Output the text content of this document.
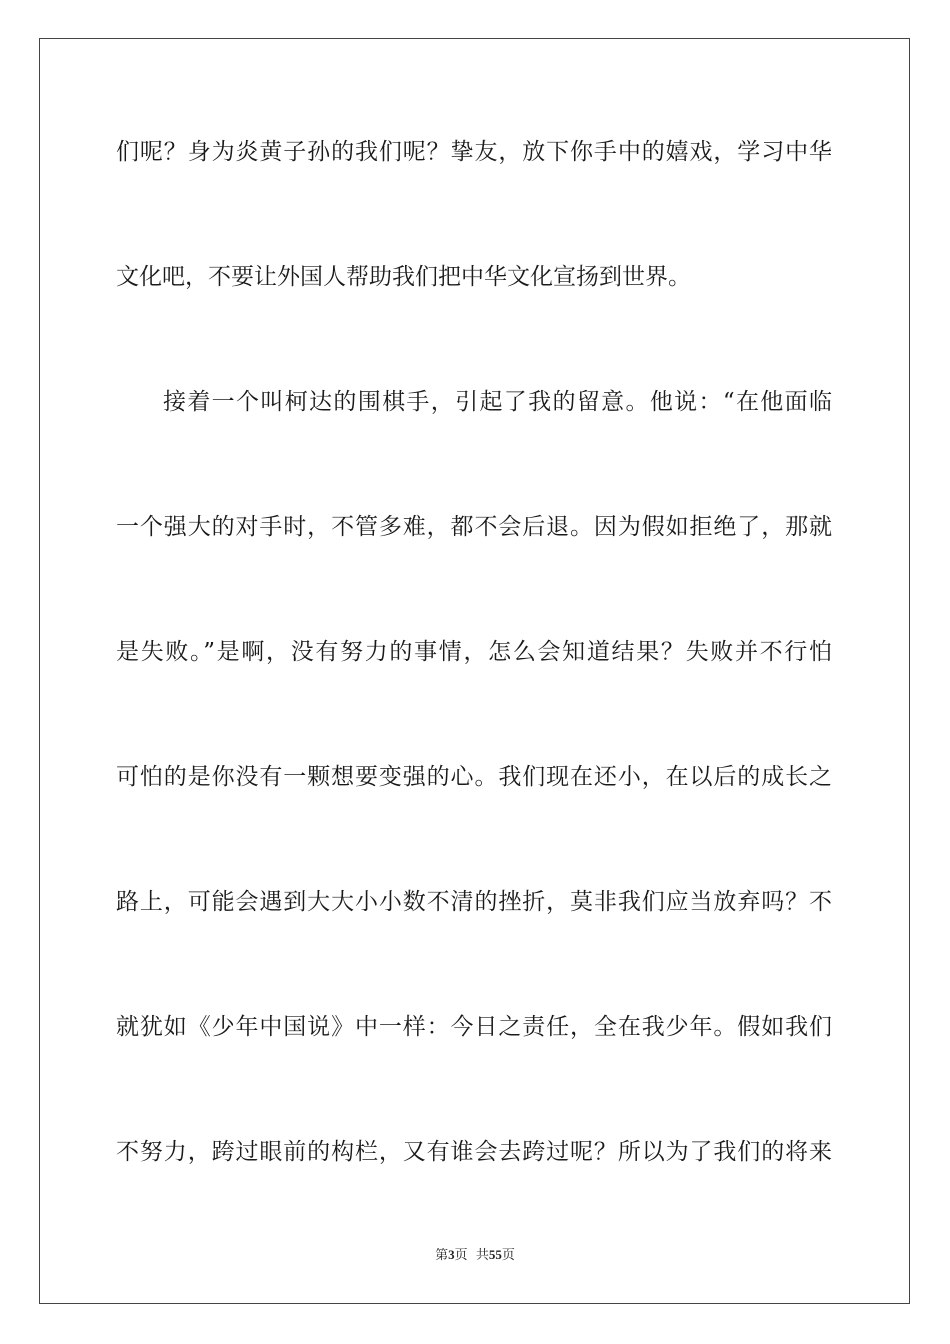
们呢？身为炎黄子孙的我们呢？挚友，放下你手中的嬉戏，学习中华
文化吧，不要让外国人帮助我们把中华文化宣扬到世界。
接着一个叫柯达的围棋手，引起了我的留意。他说：“在他面临
一个强大的对手时，不管多难，都不会后退。因为假如拒绝了，那就
是失败。”是啊，没有努力的事情，怎么会知道结果？失败并不行怕
可怕的是你没有一颗想要变强的心。我们现在还小，在以后的成长之
路上，可能会遇到大大小小数不清的挫折，莫非我们应当放弃吗？不
就犹如《少年中国说》中一样：今日之责任，全在我少年。假如我们
不努力，跨过眼前的构栏，又有谁会去跨过呢？所以为了我们的将来
第3页 共55页
